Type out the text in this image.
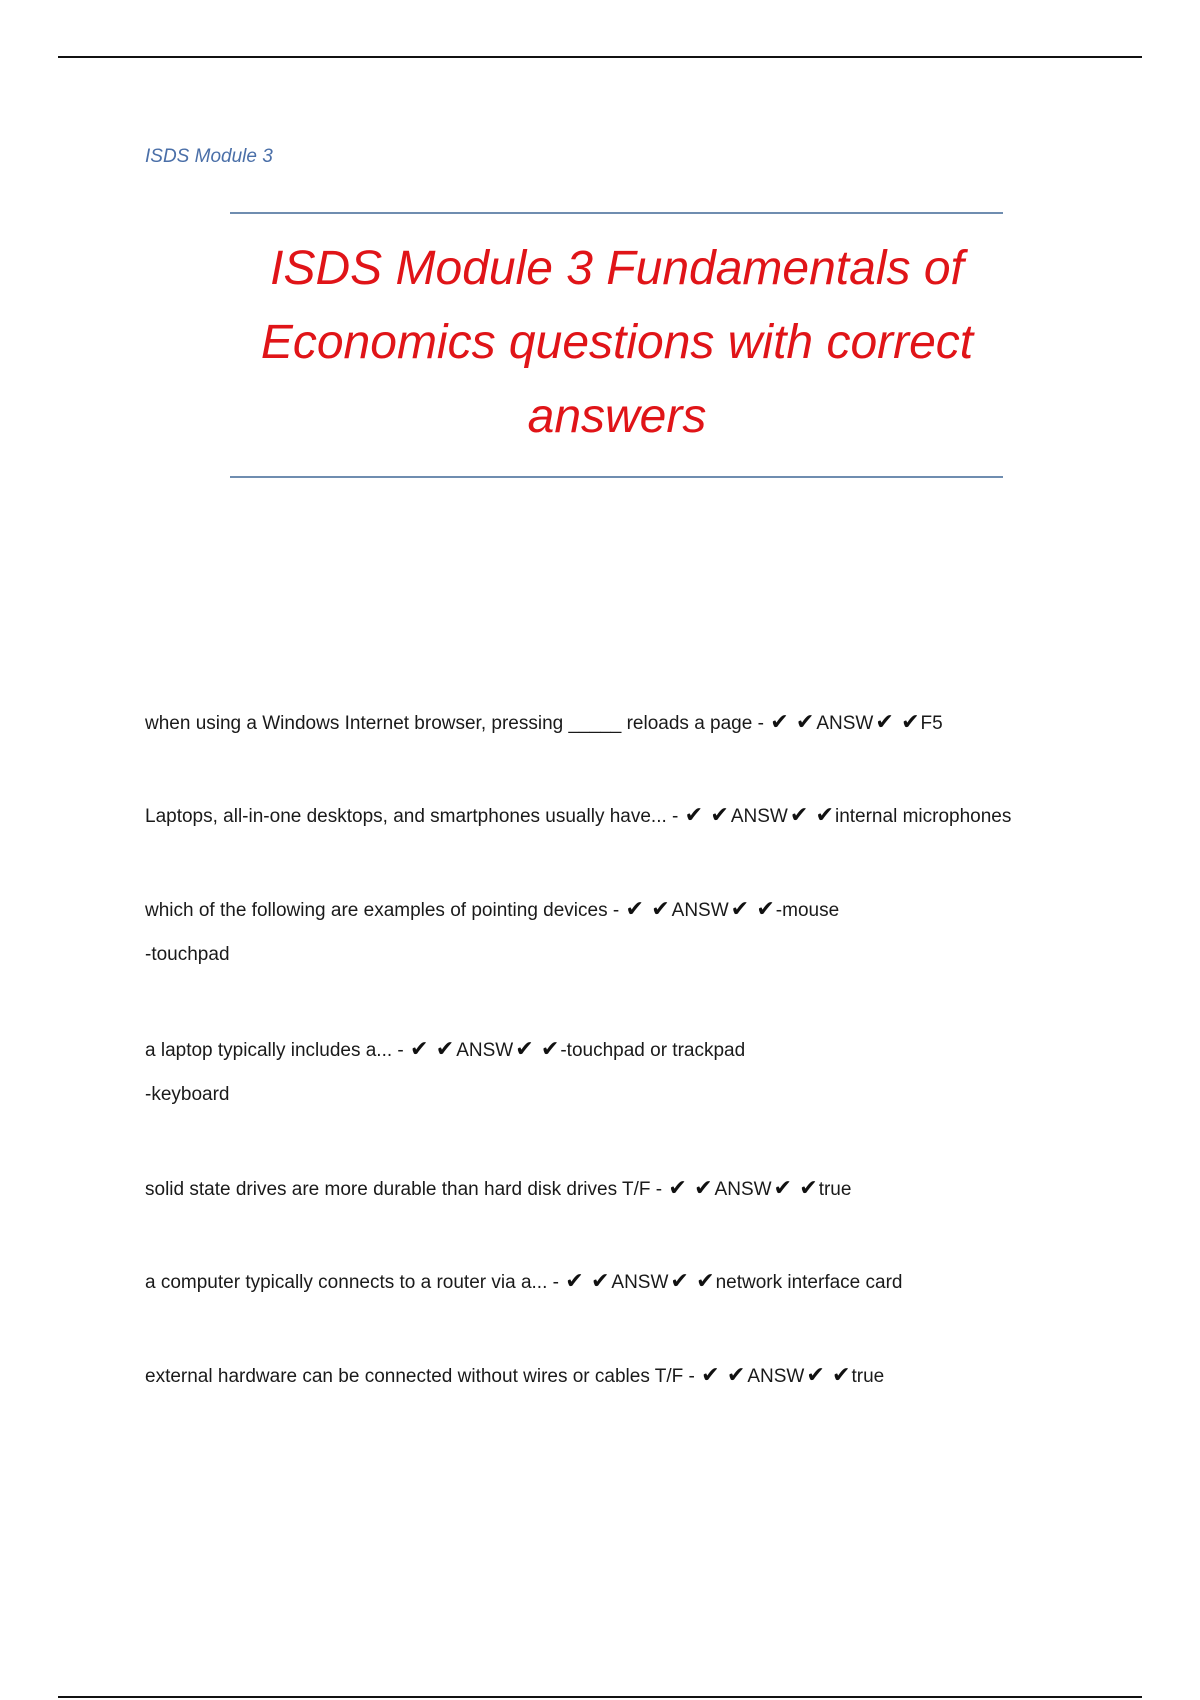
ISDS Module 3
ISDS Module 3 Fundamentals of Economics questions with correct answers
when using a Windows Internet browser, pressing _____ reloads a page - ✔ ✔ ANSW✔ ✔F5
Laptops, all-in-one desktops, and smartphones usually have... - ✔ ✔ ANSW✔ ✔internal microphones
which of the following are examples of pointing devices - ✔ ✔ ANSW✔ ✔-mouse
-touchpad
a laptop typically includes a... - ✔ ✔ ANSW✔ ✔-touchpad or trackpad
-keyboard
solid state drives are more durable than hard disk drives T/F - ✔ ✔ ANSW✔ ✔true
a computer typically connects to a router via a... - ✔ ✔ ANSW✔ ✔network interface card
external hardware can be connected without wires or cables T/F - ✔ ✔ ANSW✔ ✔true
